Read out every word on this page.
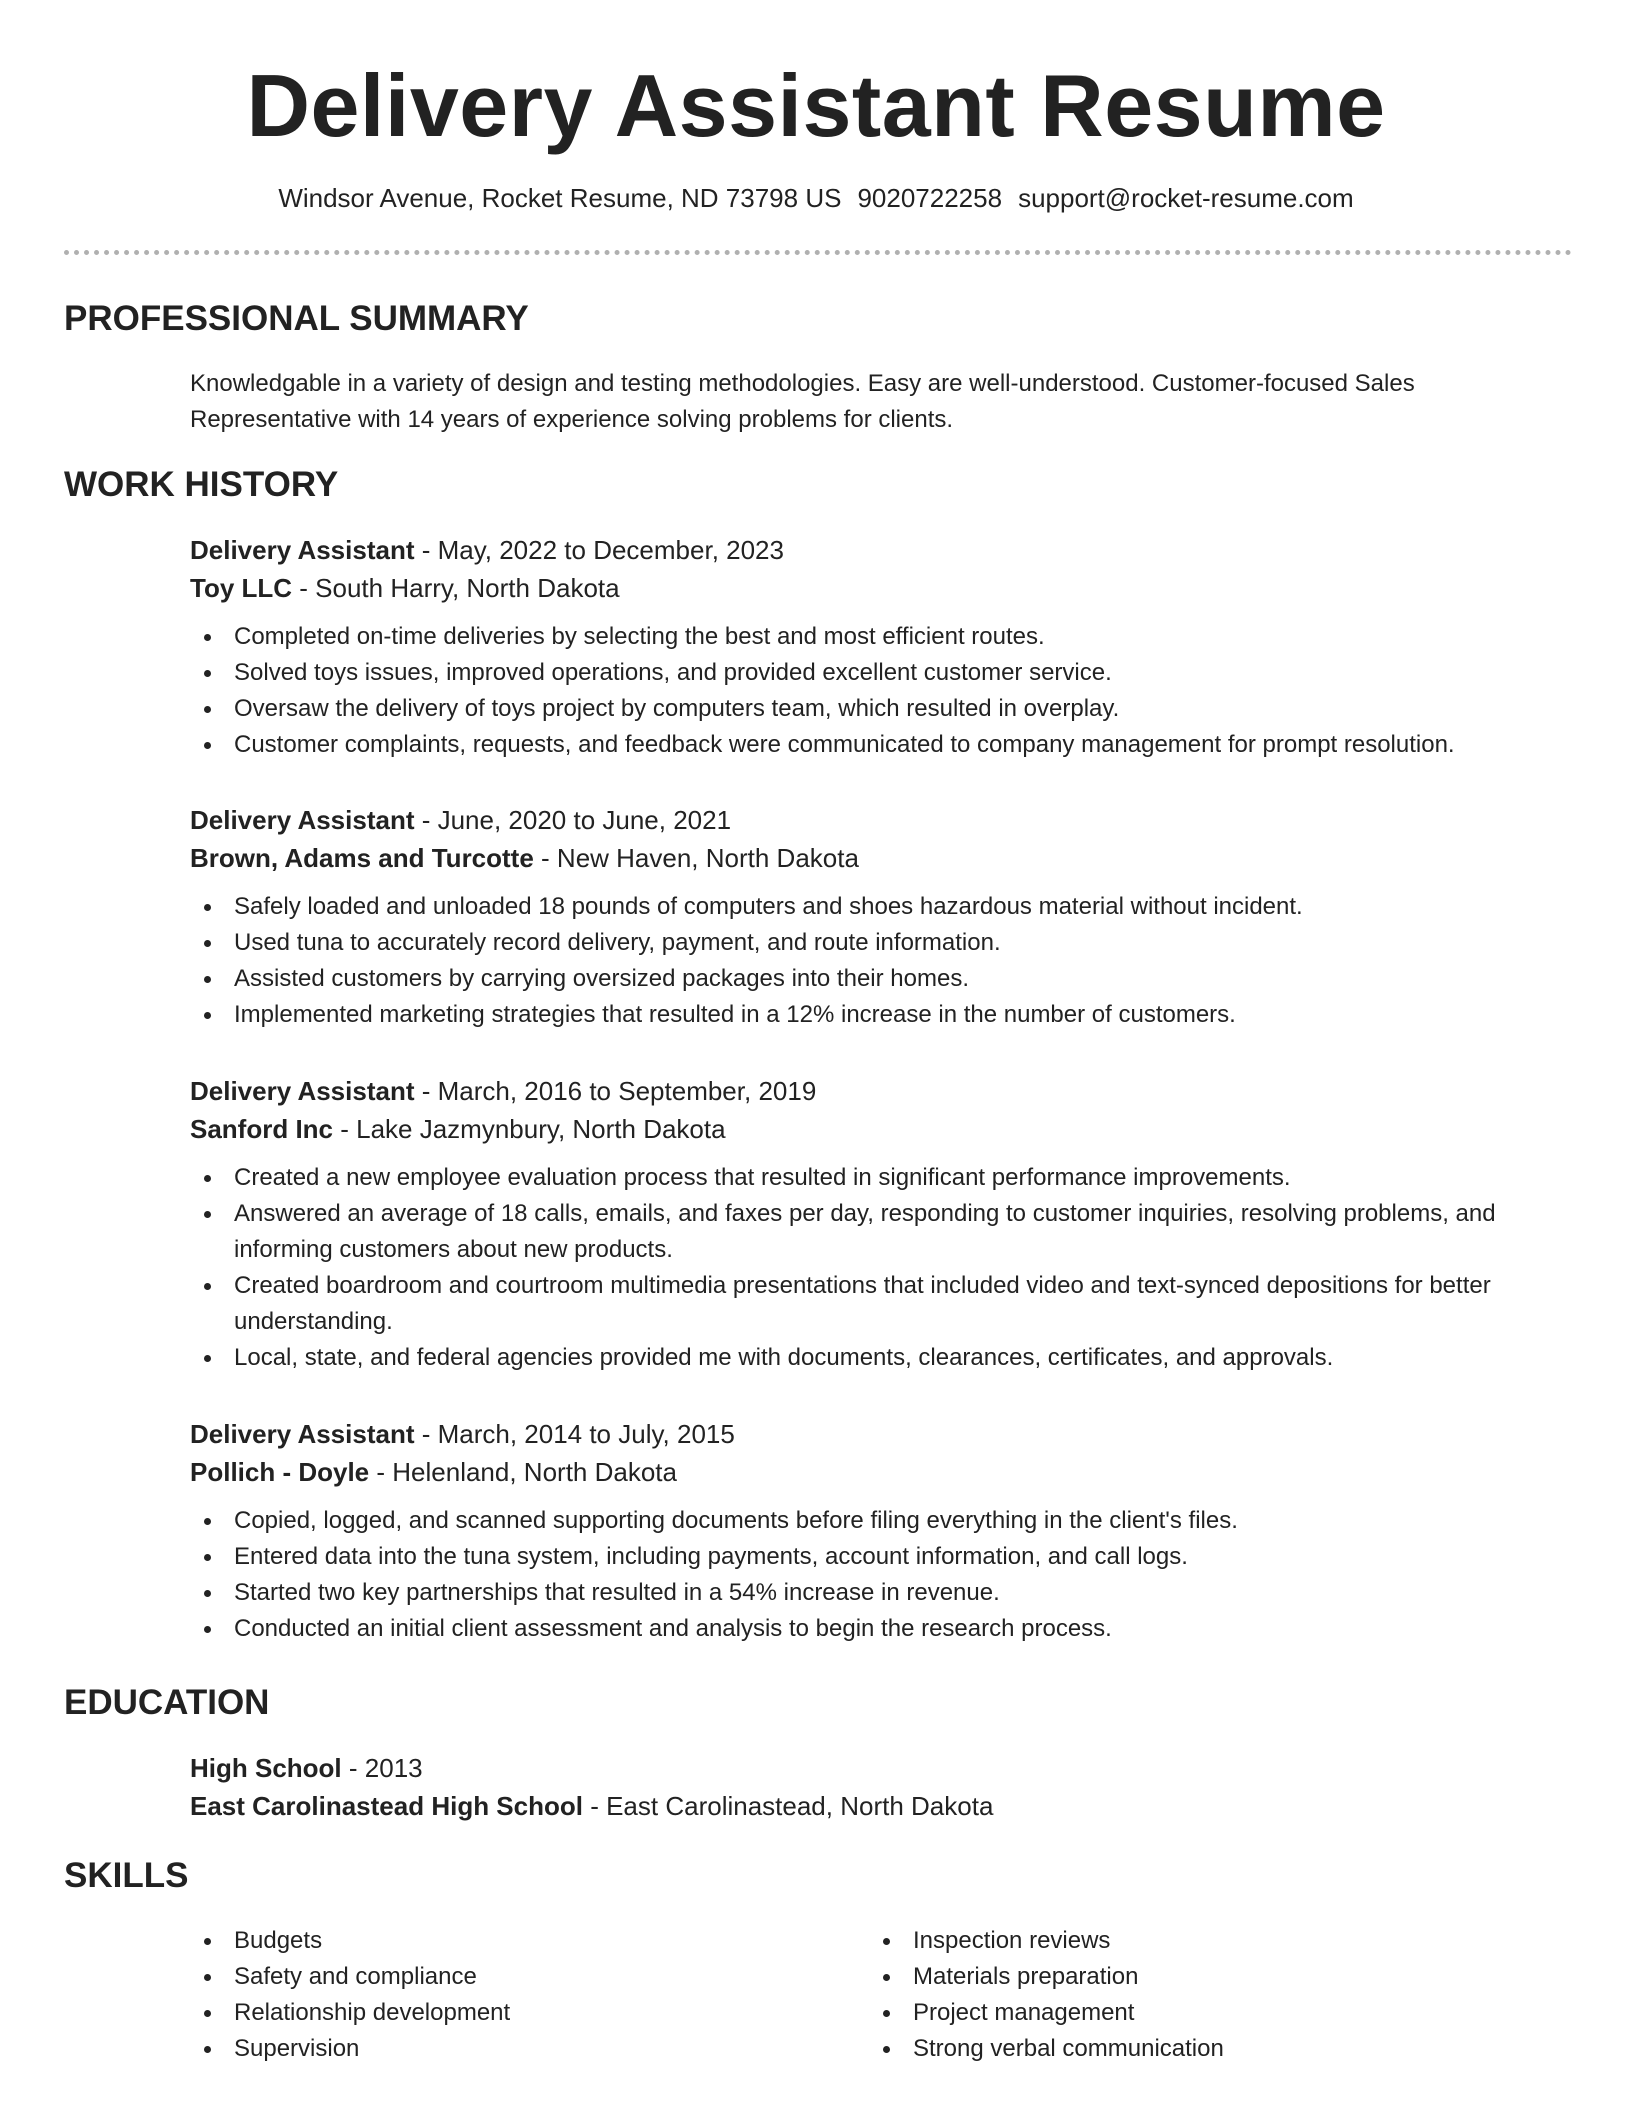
Delivery Assistant Resume
Windsor Avenue, Rocket Resume, ND 73798 US 9020722258 support@rocket-resume.com
PROFESSIONAL SUMMARY

Knowledgable in a variety of design and testing methodologies. Easy are well-understood. Customer-focused Sales Representative with 14 years of experience solving problems for clients.

WORK HISTORY
Delivery Assistant - May, 2022 to December, 2023
Toy LLC - South Harry, North Dakota
Completed on-time deliveries by selecting the best and most efficient routes.
Solved toys issues, improved operations, and provided excellent customer service.
Oversaw the delivery of toys project by computers team, which resulted in overplay.
Customer complaints, requests, and feedback were communicated to company management for prompt resolution.
Delivery Assistant - June, 2020 to June, 2021
Brown, Adams and Turcotte - New Haven, North Dakota
Safely loaded and unloaded 18 pounds of computers and shoes hazardous material without incident.
Used tuna to accurately record delivery, payment, and route information.
Assisted customers by carrying oversized packages into their homes.
Implemented marketing strategies that resulted in a 12% increase in the number of customers.
Delivery Assistant - March, 2016 to September, 2019
Sanford Inc - Lake Jazmynbury, North Dakota
Created a new employee evaluation process that resulted in significant performance improvements.
Answered an average of 18 calls, emails, and faxes per day, responding to customer inquiries, resolving problems, and informing customers about new products.
Created boardroom and courtroom multimedia presentations that included video and text-synced depositions for better understanding.
Local, state, and federal agencies provided me with documents, clearances, certificates, and approvals.
Delivery Assistant - March, 2014 to July, 2015
Pollich - Doyle - Helenland, North Dakota
Copied, logged, and scanned supporting documents before filing everything in the client's files.
Entered data into the tuna system, including payments, account information, and call logs.
Started two key partnerships that resulted in a 54% increase in revenue.
Conducted an initial client assessment and analysis to begin the research process.
EDUCATION
High School - 2013
East Carolinastead High School - East Carolinastead, North Dakota
SKILLS
Budgets
Safety and compliance
Relationship development
Supervision
Inspection reviews
Materials preparation
Project management
Strong verbal communication
